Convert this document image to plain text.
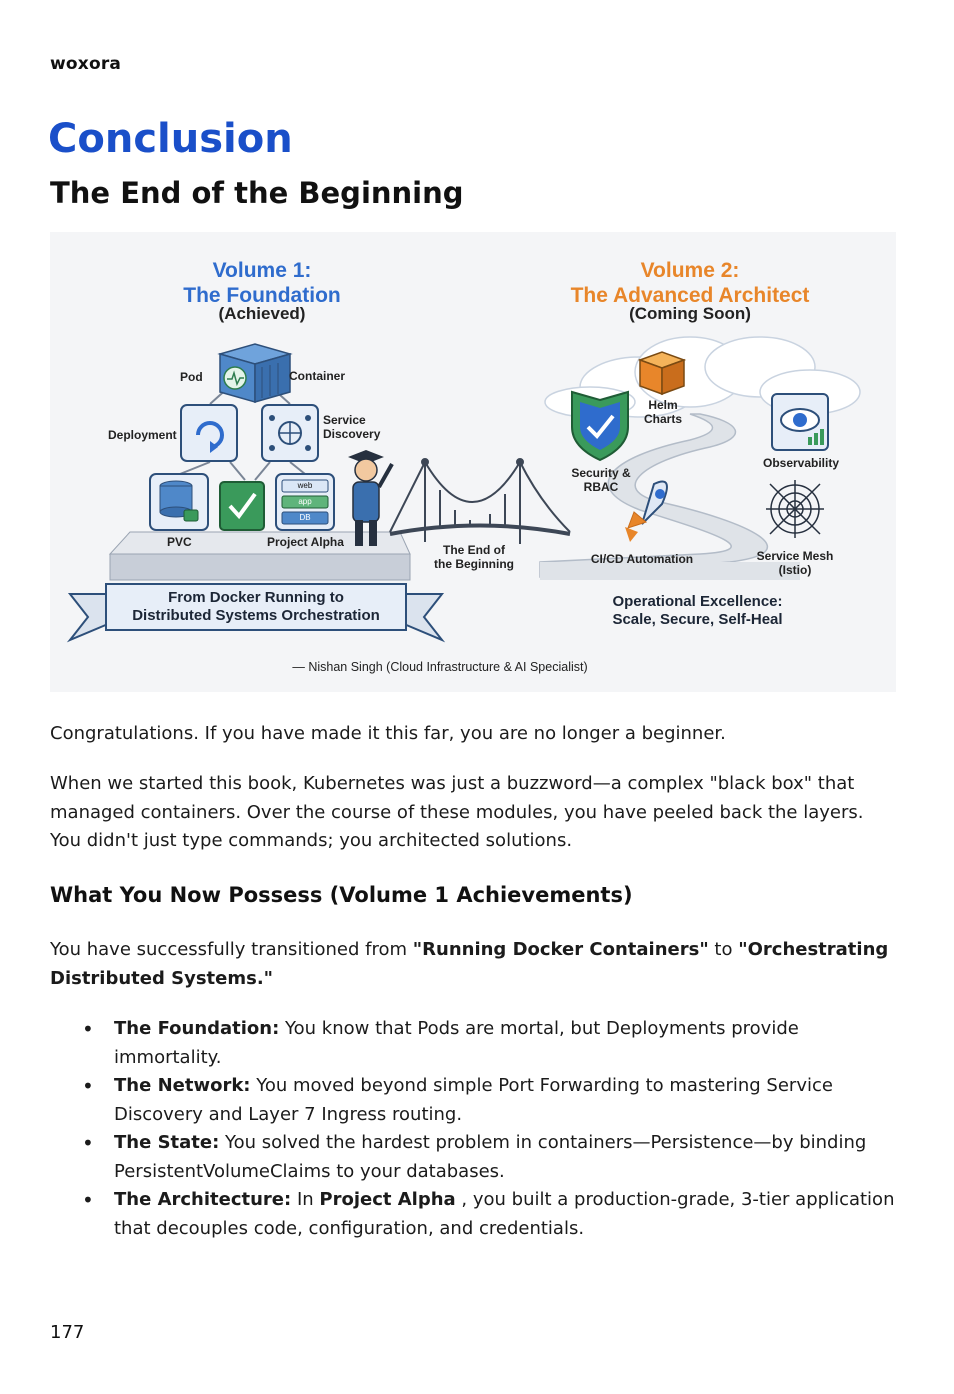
woxora
Conclusion
The End of the Beginning
Volume 1:
The Foundation
(Achieved)
Volume 2:
The Advanced Architect
(Coming Soon)
Pod	Container
Deployment
Service
Discovery
web
app
DB
PVC	Project Alpha
The End of
the Beginning
Helm
Charts
Observability
Security &
RBAC
CI/CD Automation	Service Mesh
(Istio)
From Docker Running to
Distributed Systems Orchestration
Operational Excellence:
Scale, Secure, Self-Heal
— Nishan Singh (Cloud Infrastructure & AI Specialist)
Congratulations. If you have made it this far, you are no longer a beginner.
When we started this book, Kubernetes was just a buzzword—a complex "black box" that managed containers. Over the course of these modules, you have peeled back the layers. You didn't just type commands; you architected solutions.
What You Now Possess (Volume 1 Achievements)
You have successfully transitioned from "Running Docker Containers" to "Orchestrating Distributed Systems."
• The Foundation: You know that Pods are mortal, but Deployments provide immortality.
• The Network: You moved beyond simple Port Forwarding to mastering Service Discovery and Layer 7 Ingress routing.
• The State: You solved the hardest problem in containers—Persistence—by binding PersistentVolumeClaims to your databases.
• The Architecture: In Project Alpha , you built a production-grade, 3-tier application that decouples code, configuration, and credentials.
177
